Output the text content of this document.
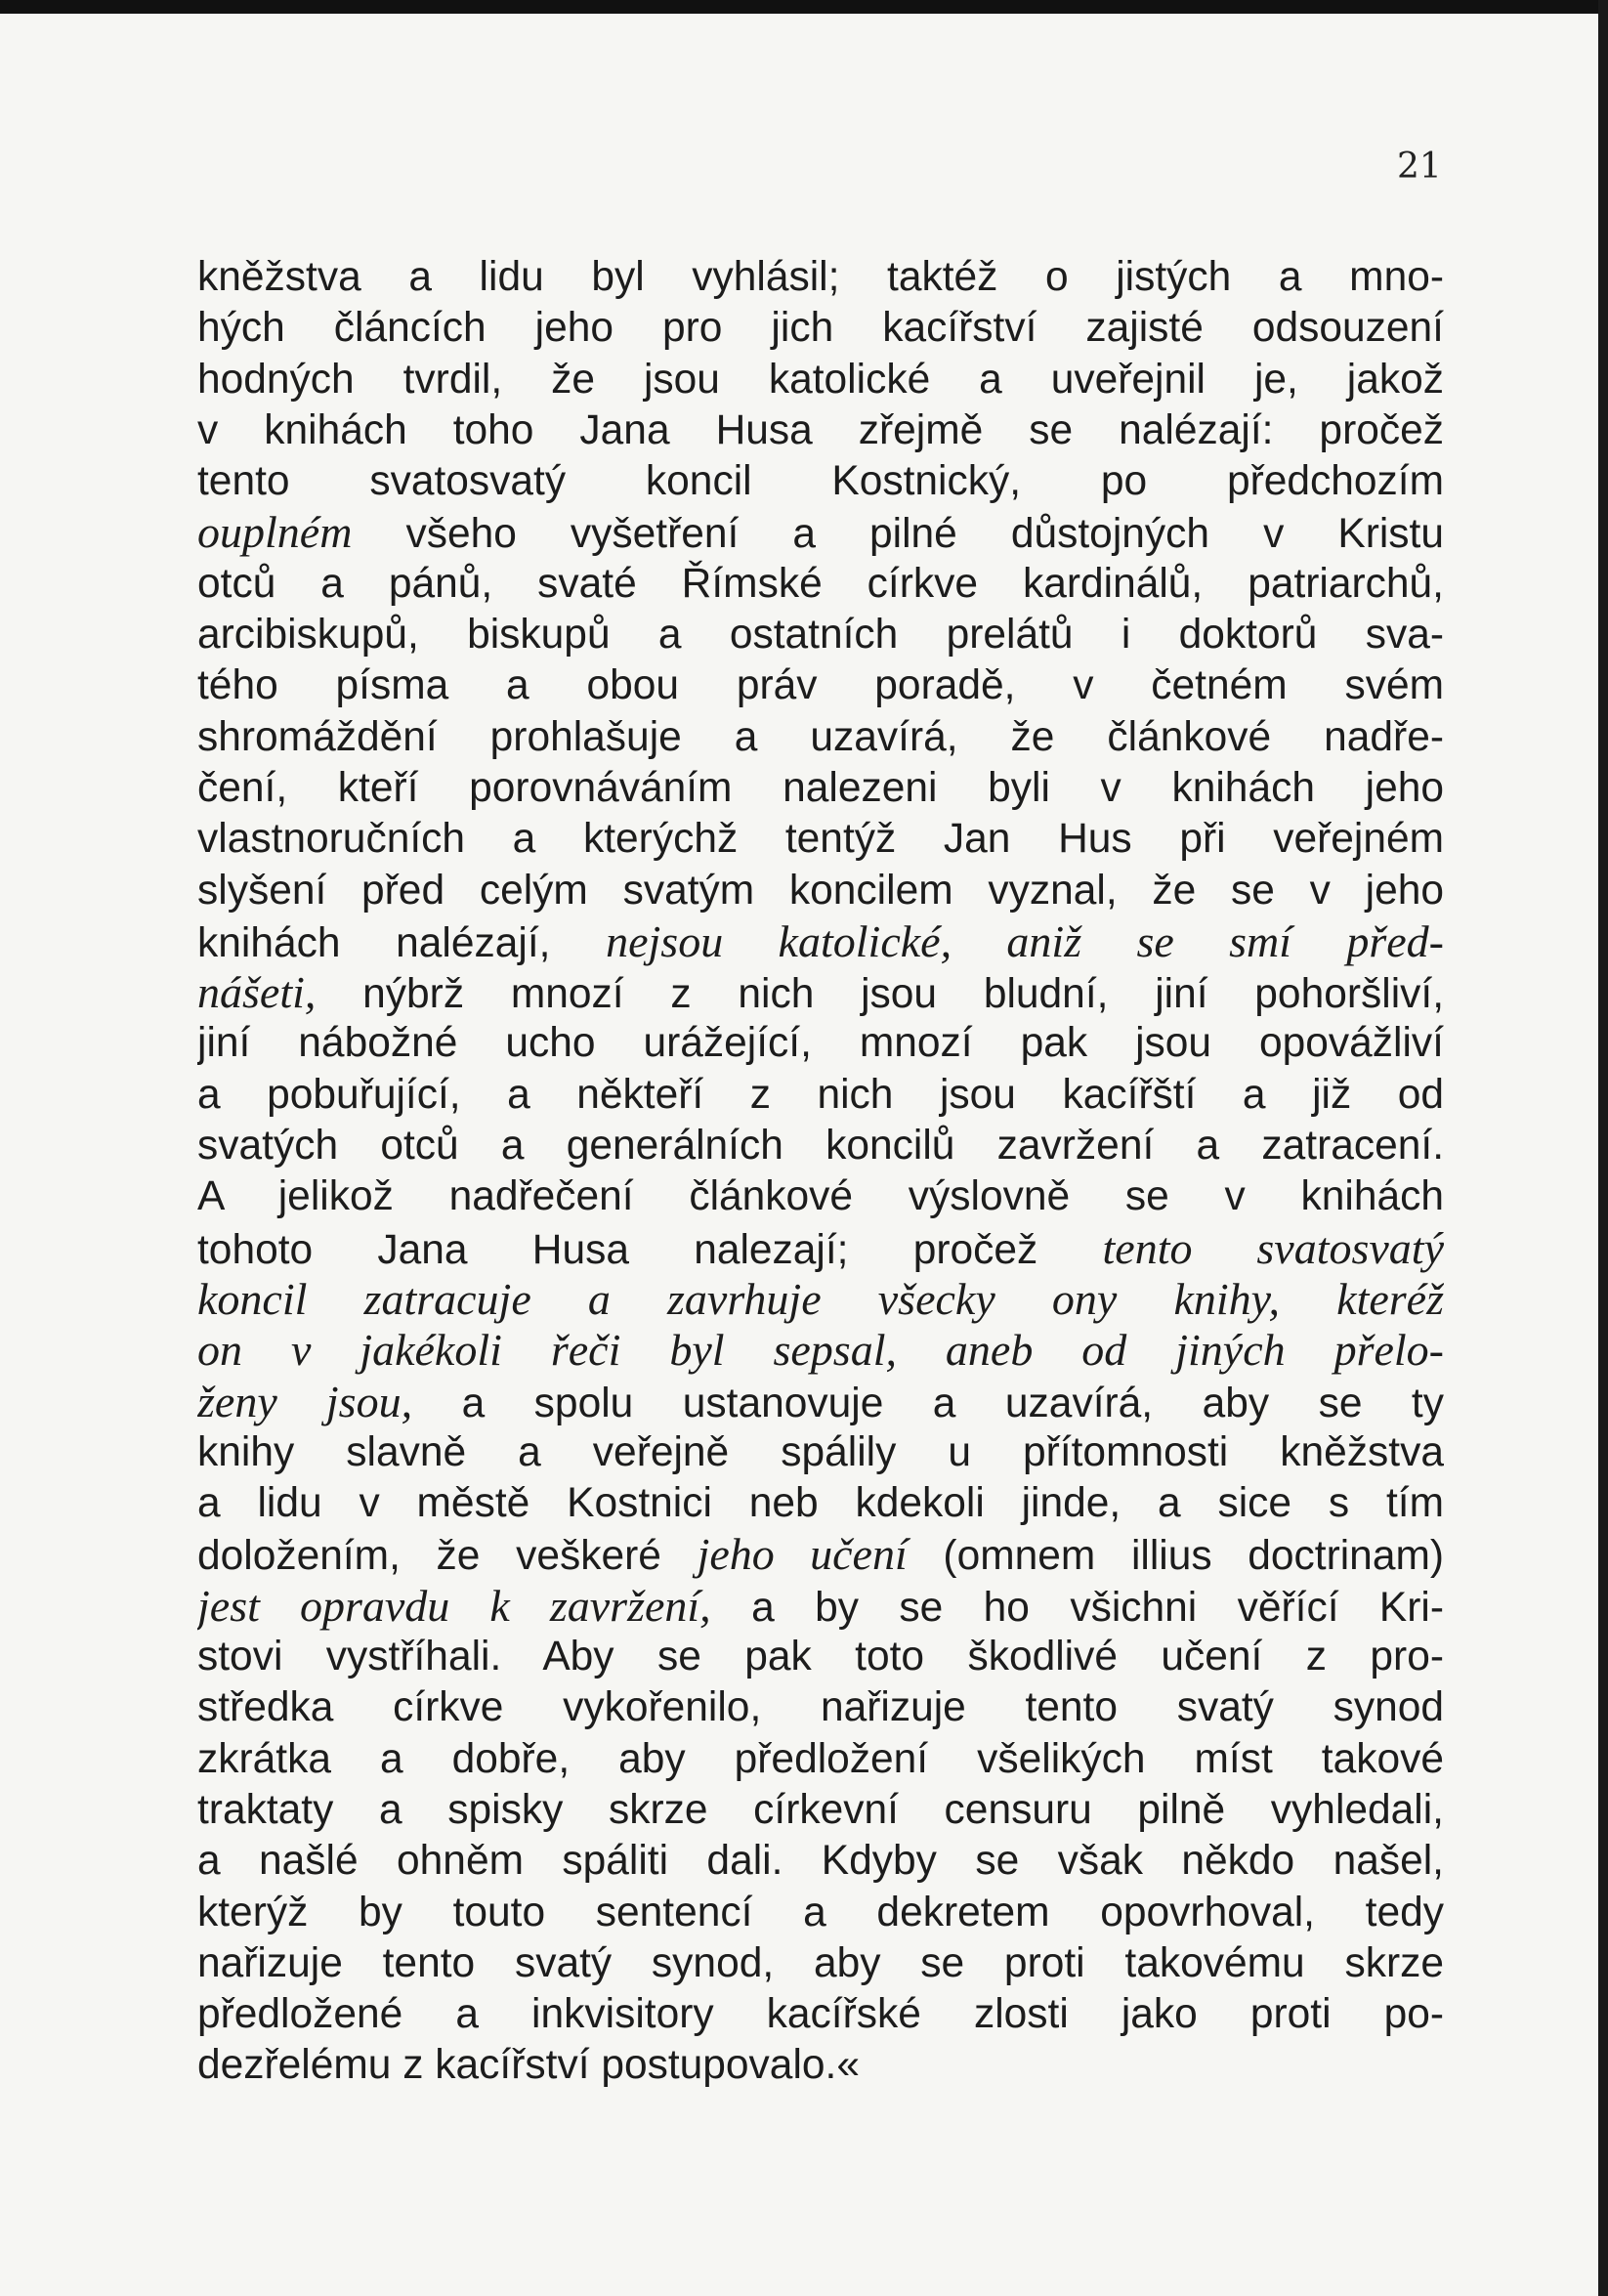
21
kněžstva a lidu byl vyhlásil; taktéž o jistých a mno-
hých článcích jeho pro jich kacířství zajisté odsouzení
hodných tvrdil, že jsou katolické a uveřejnil je, jakož
v knihách toho Jana Husa zřejmě se nalézají: pročež
tento svatosvatý koncil Kostnický, po předchozím
ouplném všeho vyšetření a pilné důstojných v Kristu
otců a pánů, svaté Římské církve kardinálů, patriarchů,
arcibiskupů, biskupů a ostatních prelátů i doktorů sva-
tého písma a obou práv poradě, v četném svém
shromáždění prohlašuje a uzavírá, že článkové nadře-
čení, kteří porovnáváním nalezeni byli v knihách jeho
vlastnoručních a kterýchž tentýž Jan Hus při veřejném
slyšení před celým svatým koncilem vyznal, že se v jeho
knihách nalézají, nejsou katolické, aniž se smí před-
nášeti, nýbrž mnozí z nich jsou bludní, jiní pohoršliví,
jiní nábožné ucho urážející, mnozí pak jsou opovážliví
a pobuřující, a někteří z nich jsou kacířští a již od
svatých otců a generálních koncilů zavržení a zatracení.
A jelikož nadřečení článkové výslovně se v knihách
tohoto Jana Husa nalezají; pročež tento svatosvatý
koncil zatracuje a zavrhuje všecky ony knihy, kteréž
on v jakékoli řeči byl sepsal, aneb od jiných přelo-
ženy jsou, a spolu ustanovuje a uzavírá, aby se ty
knihy slavně a veřejně spálily u přítomnosti kněžstva
a lidu v městě Kostnici neb kdekoli jinde, a sice s tím
doložením, že veškeré jeho učení (omnem illius doctrinam)
jest opravdu k zavržení, a by se ho všichni věřící Kri-
stovi vystříhali. Aby se pak toto škodlivé učení z pro-
středka církve vykořenilo, nařizuje tento svatý synod
zkrátka a dobře, aby předložení všelikých míst takové
traktaty a spisky skrze církevní censuru pilně vyhledali,
a našlé ohněm spáliti dali. Kdyby se však někdo našel,
kterýž by touto sentencí a dekretem opovrhoval, tedy
nařizuje tento svatý synod, aby se proti takovému skrze
předložené a inkvisitory kacířské zlosti jako proti po-
dezřelému z kacířství postupovalo.«
